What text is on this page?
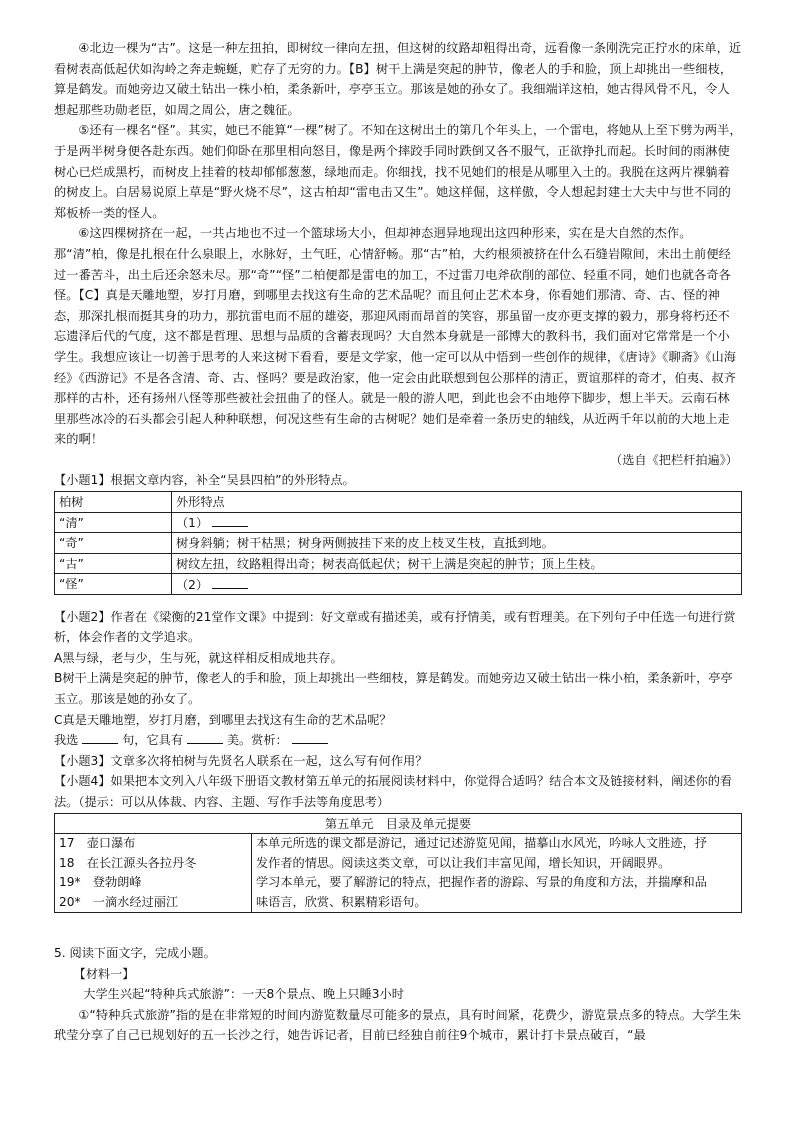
④北边一棵为“古”。这是一种左扭拍，即树纹一律向左扭，但这树的纹路却粗得出奇，远看像一条刚洗完正拧水的床单，近看树表高低起伏如沟岭之奔走蜿蜒，贮存了无穷的力。【B】树干上满是突起的肿节，像老人的手和脸，顶上却挑出一些细枝，算是鹤发。而她旁边又破土钻出一株小柏，柔条新叶，亭亭玉立。那该是她的孙女了。我细端详这柏，她古得风骨不凡，令人想起那些功勋老臣，如周之周公，唐之魏征。

⑤还有一棵名“怪”。其实，她已不能算“一棵”树了。不知在这树出土的第几个年头上，一个雷电，将她从上至下劈为两半，于是两半树身便各赴东西。她们仰卧在那里相向怒目，像是两个摔跤手同时跌倒又各不服气，正欲挣扎而起。长时间的雨淋使树心已烂成黑朽，而树皮上挂着的枝却郁郁葱葱，绿地而走。你细找，找不见她们的根是从哪里入土的。我脱在这两片裸躺着的树皮上。白居易说原上草是“野火烧不尽”，这古柏却“雷电击又生”。她这样倔，这样傲，令人想起封建士大夫中与世不同的郑板桥一类的怪人。

⑥这四棵树挤在一起，一共占地也不过一个篮球场大小，但却神态迥异地现出这四种形来，实在是大自然的杰作。那“清”柏，像是扎根在什么泉眼上，水脉好，土气旺，心情舒畅。那“古”柏，大约根须被挤在什么石缝岩隙间，未出土前便经过一番苦斗，出土后还余怒未尽。那“奇”“怪”二柏便都是雷电的加工，不过雷刀电斧砍削的部位、轻重不同，她们也就各奇各怪。【C】真是天雕地塑，岁打月磨，到哪里去找这有生命的艺术品呢？而且何止艺术本身，你看她们那清、奇、古、怪的神态，那深扎根而挺其身的功力，那抗雷电而不屈的雄姿，那迎风雨而昂首的笑容，那虽留一皮亦更支撑的毅力，那身将朽还不忘遗泽后代的气度，这不都是哲理、思想与品质的含蓄表现吗？大自然本身就是一部博大的教科书，我们面对它常常是一个小学生。我想应该让一切善于思考的人来这树下看看，要是文学家，他一定可以从中悟到一些创作的规律，《唐诗》《聊斋》《山海经》《西游记》不是各含清、奇、古、怪吗？要是政治家，他一定会由此联想到包公那样的清正，贾谊那样的奇才，伯夷、叔齐那样的古朴，还有扬州八怪等那些被社会扭曲了的怪人。就是一般的游人吧，到此也会不由地停下脚步，想上半天。云南石林里那些冰冷的石头都会引起人种种联想，何况这些有生命的古树呢？她们是牵着一条历史的轴线，从近两千年以前的大地上走来的啊！

（选自《把栏杆拍遍》）

【小题1】根据文章内容，补全“吴县四柏”的外形特点。

柏树	外形特点
“清”	（1）
“奇”	树身斜躺；树干枯黑；树身两侧披挂下来的皮上枝叉生枝，直抵到地。
“古”	树纹左扭，纹路粗得出奇；树表高低起伏；树干上满是突起的肿节；顶上生枝。
“怪”	（2）

【小题2】作者在《梁衡的21堂作文课》中提到：好文章或有描述美，或有抒情美，或有哲理美。在下列句子中任选一句进行赏析，体会作者的文学追求。

A黑与绿，老与少，生与死，就这样相反相成地共存。

B树干上满是突起的肿节，像老人的手和脸，顶上却挑出一些细枝，算是鹤发。而她旁边又破土钻出一株小柏，柔条新叶，亭亭玉立。那该是她的孙女了。

C真是天雕地塑，岁打月磨，到哪里去找这有生命的艺术品呢？

我选	句，它具有	美。赏析：

【小题3】文章多次将柏树与先贤名人联系在一起，这么写有何作用？

【小题4】如果把本文列入八年级下册语文教材第五单元的拓展阅读材料中，你觉得合适吗？结合本文及链接材料，阐述你的看法。（提示：可以从体裁、内容、主题、写作手法等角度思考）

第五单元　目录及单元提要

17　壶口瀑布
18　在长江源头各拉丹冬
19*　登勃朗峰
20*　一滴水经过丽江

本单元所选的课文都是游记，通过记述游览见闻，描摹山水风光，吟咏人文胜迹，抒
发作者的情思。阅读这类文章，可以让我们丰富见闻，增长知识，开阔眼界。
学习本单元，要了解游记的特点，把握作者的游踪、写景的角度和方法，并揣摩和品
味语言，欣赏、积累精彩语句。

5. 阅读下面文字，完成小题。

【材料一】

大学生兴起“特种兵式旅游”：一天8个景点、晚上只睡3小时

①“特种兵式旅游”指的是在非常短的时间内游览数量尽可能多的景点，具有时间紧，花费少，游览景点多的特点。大学生朱玳莹分享了自己已规划好的五一长沙之行，她告诉记者，目前已经独自前往9个城市，累计打卡景点破百，“最
